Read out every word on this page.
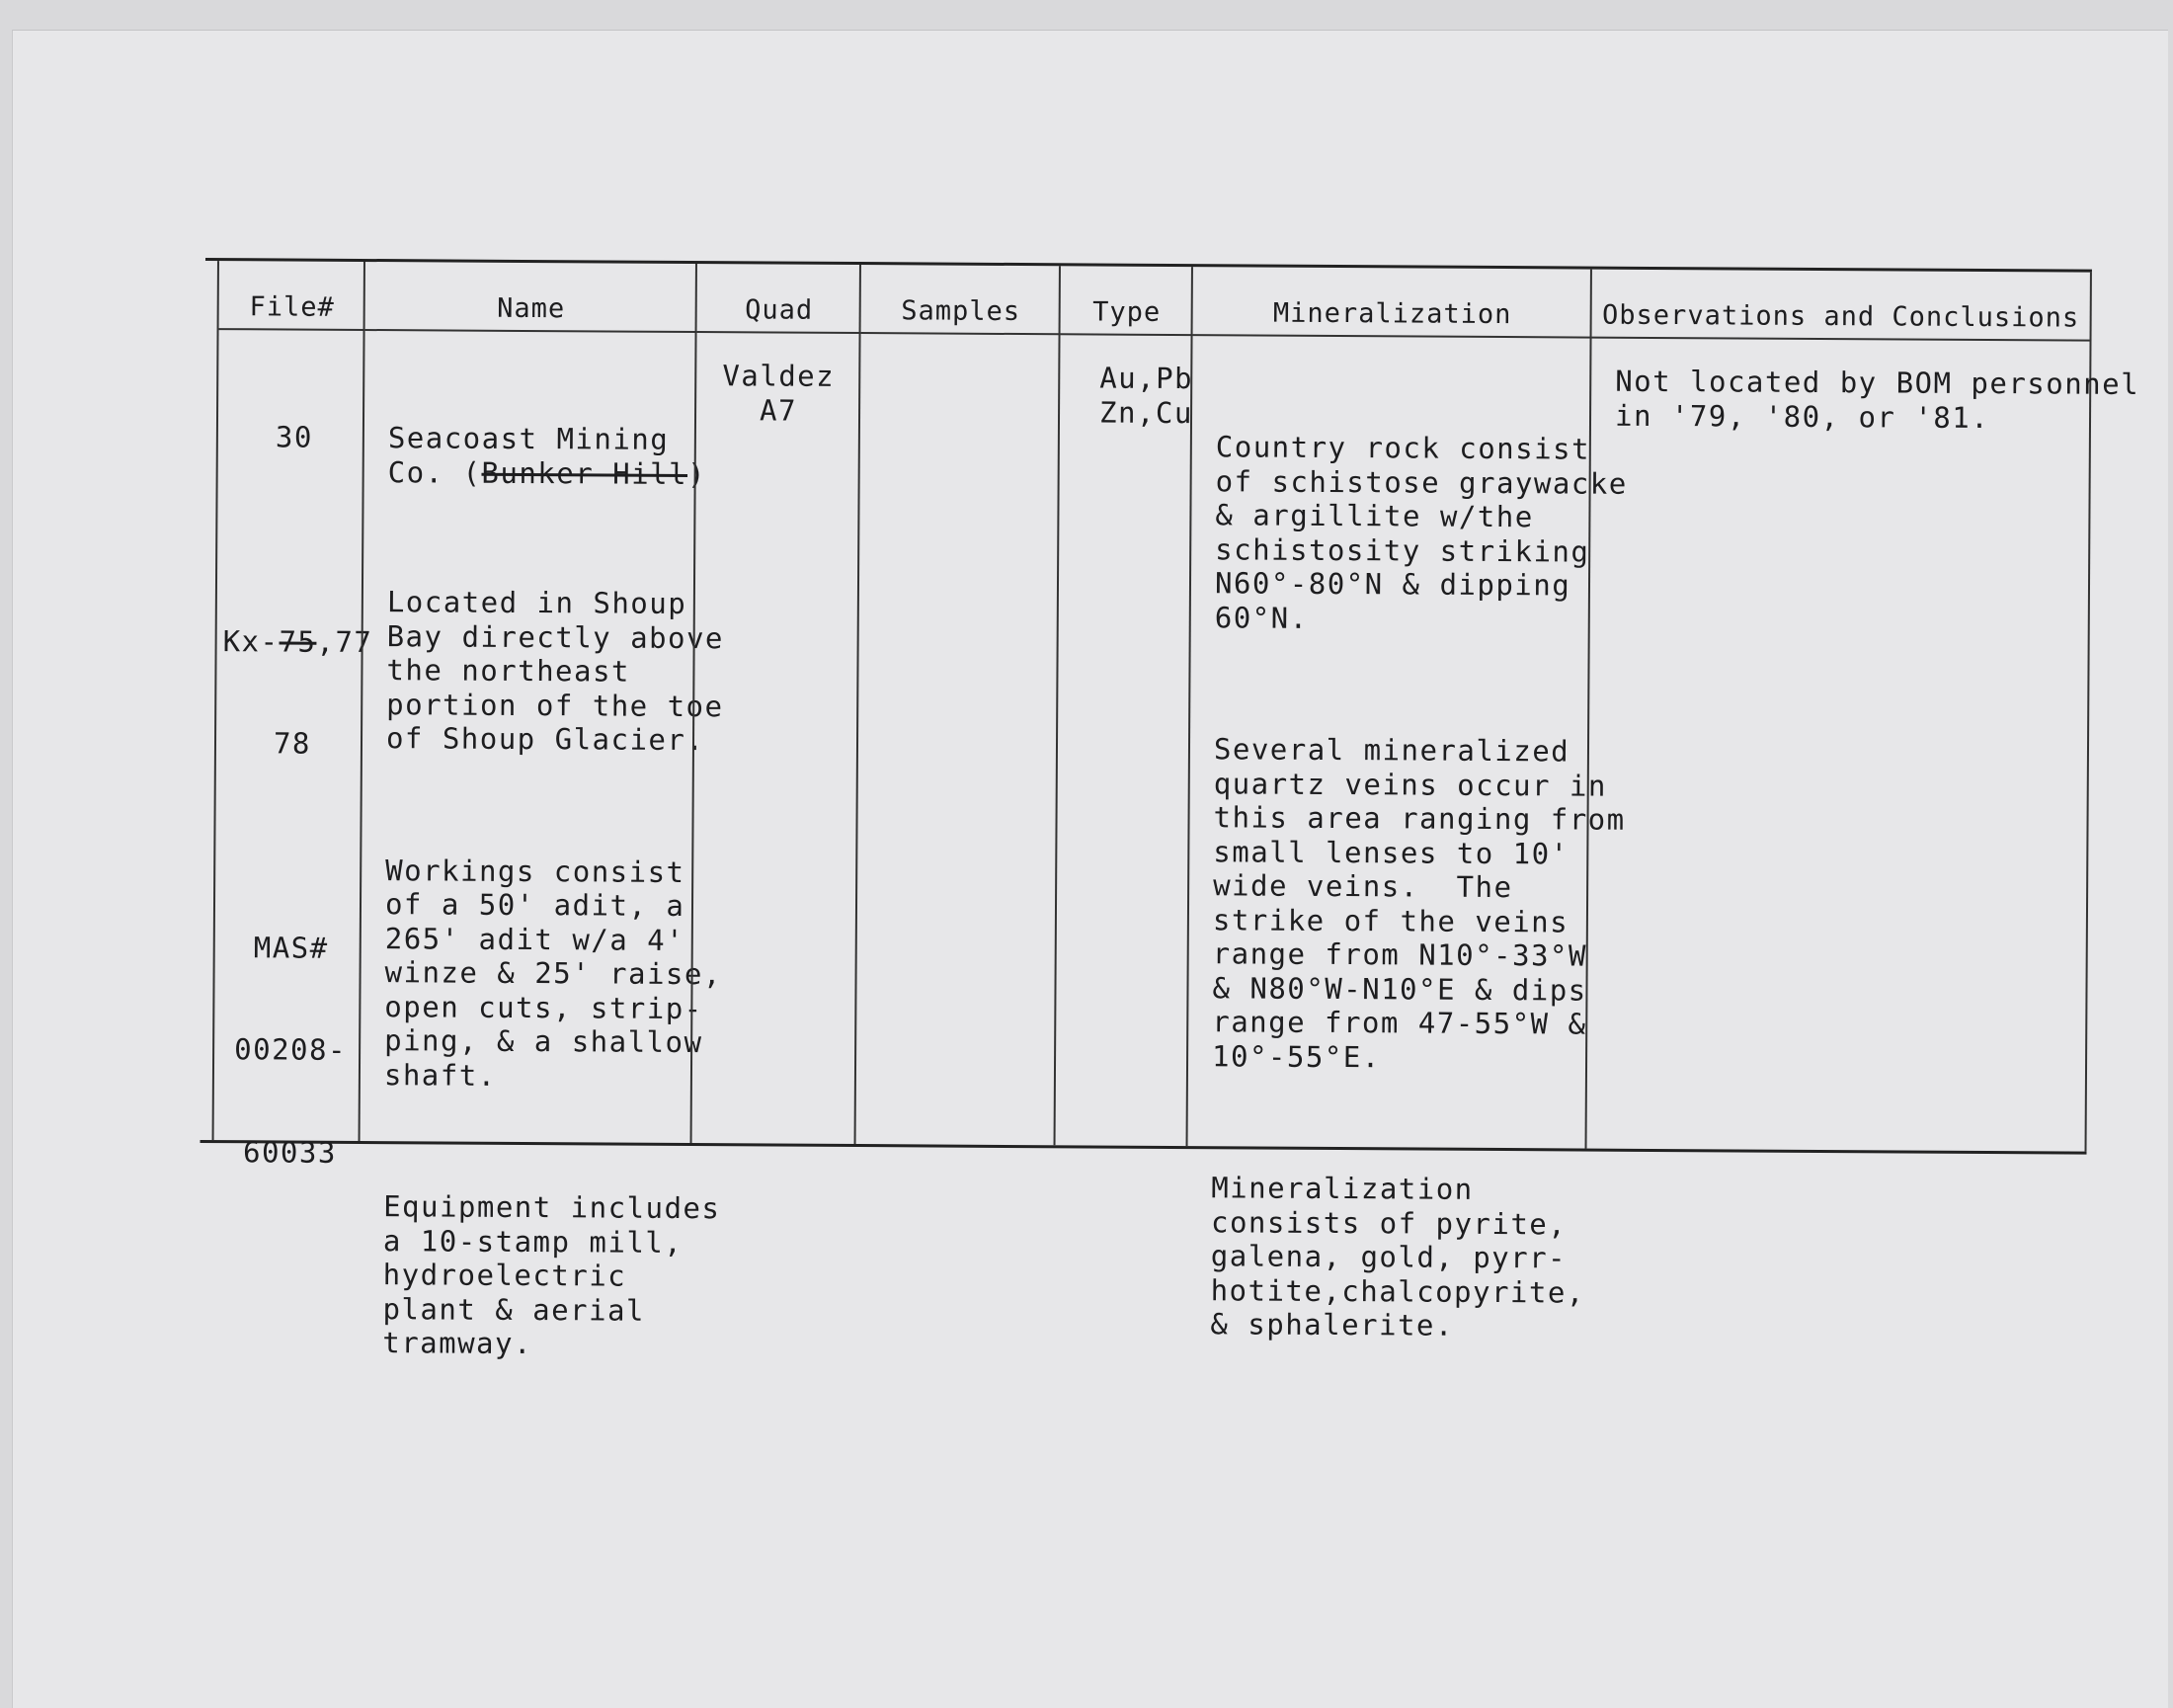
File#

30

Kx-75,77

78

MAS#

00208-

60033

Name

Seacoast Mining
Co. (Bunker Hill)

Located in Shoup
Bay directly above
the northeast
portion of the toe
of Shoup Glacier.

Workings consist
of a 50' adit, a
265' adit w/a 4'
winze & 25' raise,
open cuts, strip-
ping, & a shallow
shaft.

Equipment includes
a 10-stamp mill,
hydroelectric
plant & aerial
tramway.

Quad
Valdez
A7
Samples	Type
Au,Pb
Zn,Cu
Mineralization

Country rock consist
of schistose graywacke
& argillite w/the
schistosity striking
N60°-80°N & dipping
60°N.

Several mineralized
quartz veins occur in
this area ranging from
small lenses to 10'
wide veins.  The
strike of the veins
range from N10°-33°W
& N80°W-N10°E & dips
range from 47-55°W &
10°-55°E.

Mineralization
consists of pyrite,
galena, gold, pyrr-
hotite,chalcopyrite,
& sphalerite.

Observations and Conclusions
Not located by BOM personnel
in '79, '80, or '81.
